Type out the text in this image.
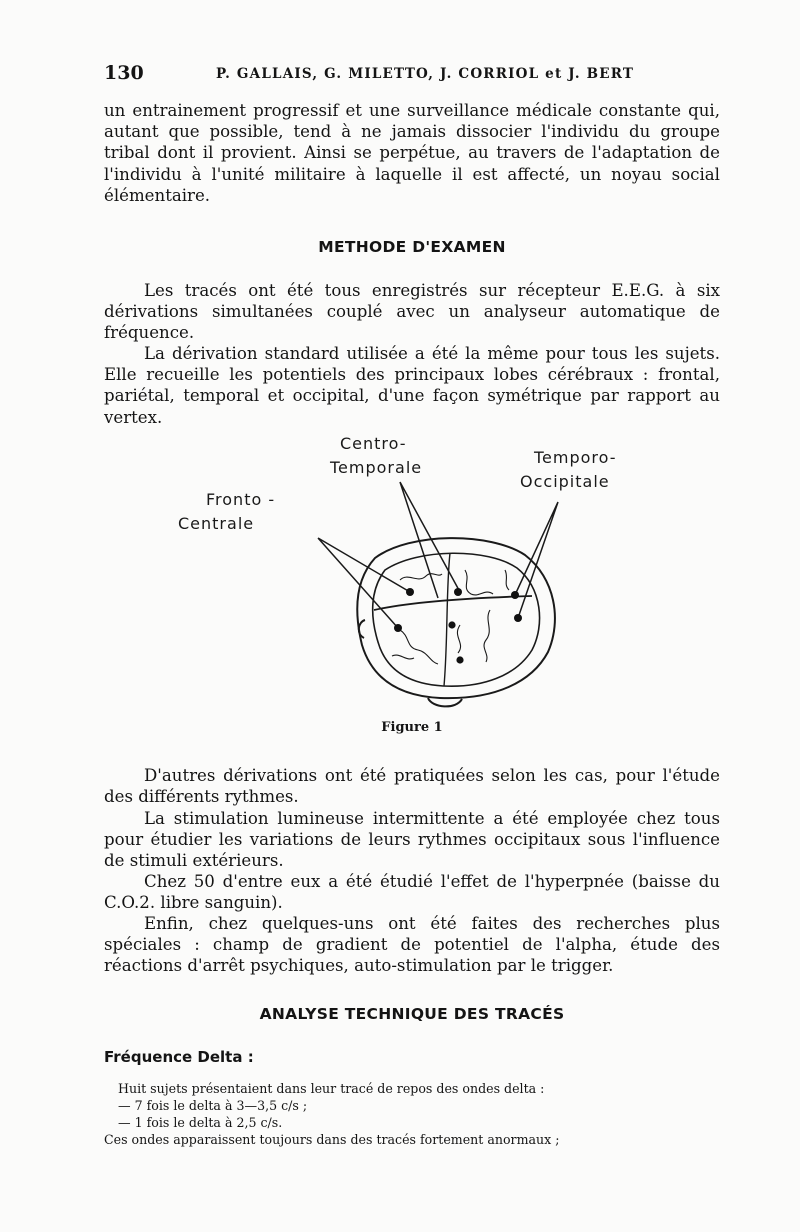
130	P. GALLAIS, G. MILETTO, J. CORRIOL et J. BERT

un entrainement progressif et une surveillance médicale constante qui, autant que possible, tend à ne jamais dissocier l'individu du groupe tribal dont il provient. Ainsi se perpétue, au travers de l'adaptation de l'individu à l'unité militaire à laquelle il est affecté, un noyau social élémentaire.

METHODE D'EXAMEN

Les tracés ont été tous enregistrés sur récepteur E.E.G. à six dérivations simultanées couplé avec un analyseur automatique de fréquence.

La dérivation standard utilisée a été la même pour tous les sujets. Elle recueille les potentiels des principaux lobes cérébraux : frontal, pariétal, temporal et occipital, d'une façon symétrique par rapport au vertex.

Centro-
Temporale
Temporo-
Occipitale
Fronto -
Centrale
Figure 1

D'autres dérivations ont été pratiquées selon les cas, pour l'étude des différents rythmes.

La stimulation lumineuse intermittente a été employée chez tous pour étudier les variations de leurs rythmes occipitaux sous l'influence de stimuli extérieurs.

Chez 50 d'entre eux a été étudié l'effet de l'hyperpnée (baisse du C.O.2. libre sanguin).

Enfin, chez quelques-uns ont été faites des recherches plus spéciales : champ de gradient de potentiel de l'alpha, étude des réactions d'arrêt psychiques, auto-stimulation par le trigger.

ANALYSE TECHNIQUE DES TRACÉS
Fréquence Delta :

Huit sujets présentaient dans leur tracé de repos des ondes delta :

— 7 fois le delta à 3—3,5 c/s ;

— 1 fois le delta à 2,5 c/s.

Ces ondes apparaissent toujours dans des tracés fortement anormaux ;
